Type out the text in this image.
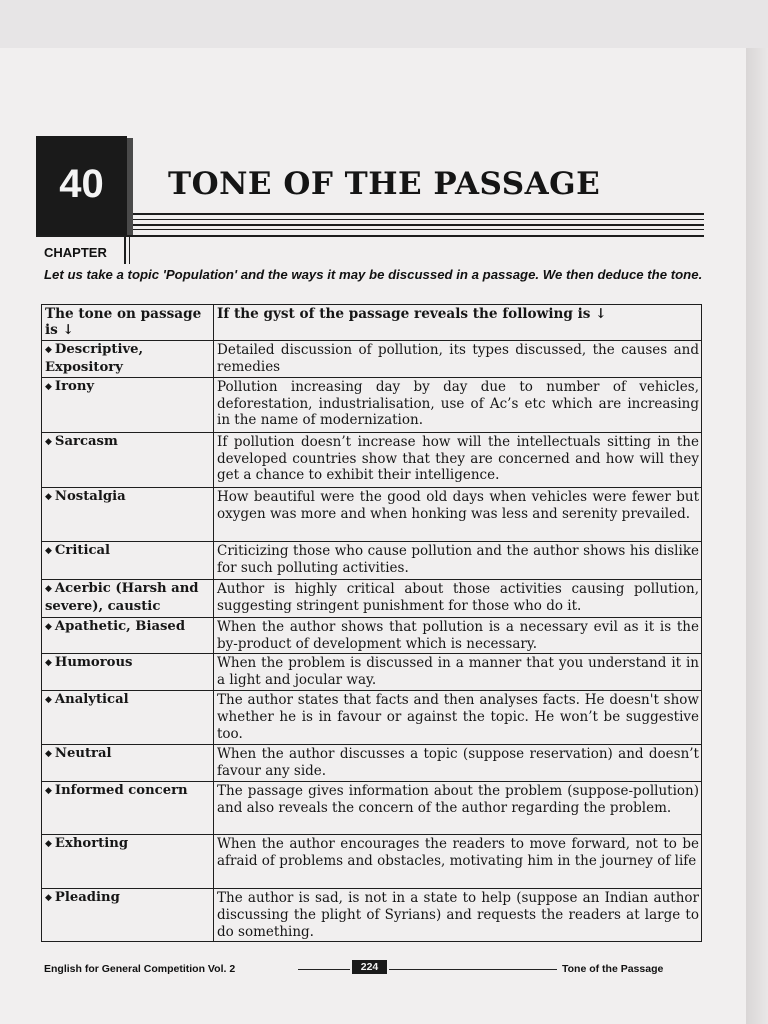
40	TONE OF THE PASSAGE
CHAPTER
Let us take a topic 'Population' and the ways it may be discussed in a passage. We then deduce the tone.
The tone on passage is ↓	If the gyst of the passage reveals the following is ↓
◆ Descriptive, Expository	Detailed discussion of pollution, its types discussed, the causes and remedies
◆ Irony	Pollution increasing day by day due to number of vehicles, deforestation, industrialisation, use of Ac’s etc which are increasing in the name of modernization.
◆ Sarcasm	If pollution doesn’t increase how will the intellectuals sitting in the developed countries show that they are concerned and how will they get a chance to exhibit their intelligence.
◆ Nostalgia	How beautiful were the good old days when vehicles were fewer but oxygen was more and when honking was less and serenity prevailed.
◆ Critical	Criticizing those who cause pollution and the author shows his dislike for such polluting activities.
◆ Acerbic (Harsh and severe), caustic	Author is highly critical about those activities causing pollution, suggesting stringent punishment for those who do it.
◆ Apathetic, Biased	When the author shows that pollution is a necessary evil as it is the by-product of development which is necessary.
◆ Humorous	When the problem is discussed in a manner that you understand it in a light and jocular way.
◆ Analytical	The author states that facts and then analyses facts. He doesn't show whether he is in favour or against the topic. He won’t be suggestive too.
◆ Neutral	When the author discusses a topic (suppose reservation) and doesn’t favour any side.
◆ Informed concern	The passage gives information about the problem (suppose-pollution) and also reveals the concern of the author regarding the problem.
◆ Exhorting	When the author encourages the readers to move forward, not to be afraid of problems and obstacles, motivating him in the journey of life
◆ Pleading	The author is sad, is not in a state to help (suppose an Indian author discussing the plight of Syrians) and requests the readers at large to do something.
English for General Competition Vol. 2	224	Tone of the Passage
